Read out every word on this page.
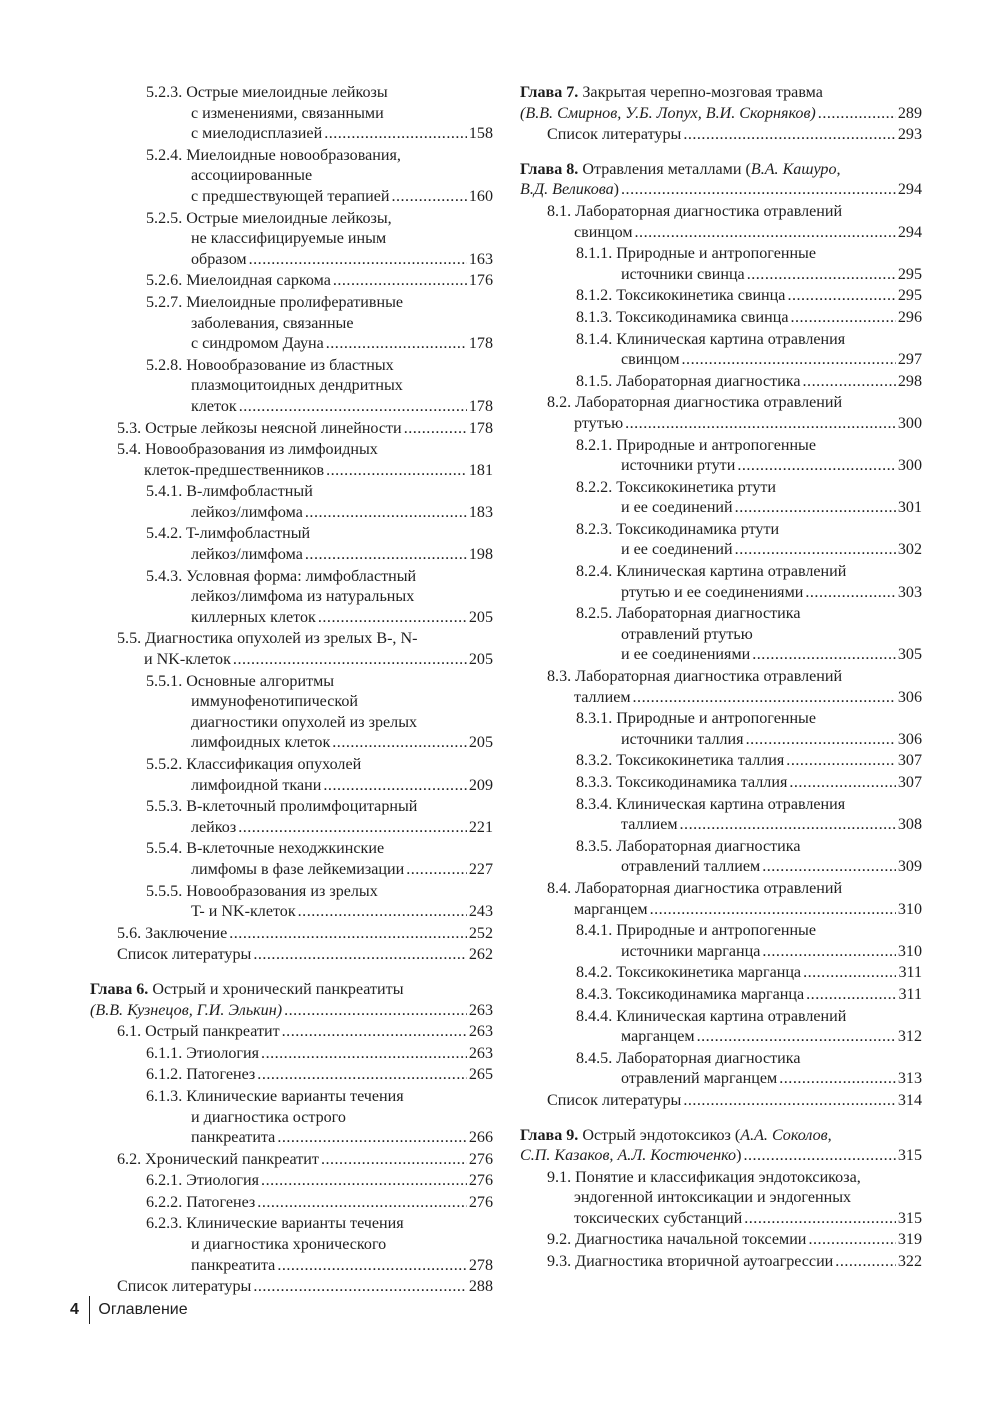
5.2.3. Острые миелоидные лейкозы
с изменениями, связанными
с миелодисплазией .....	158
5.2.4. Миелоидные новообразования,
ассоциированные
с предшествующей терапией .....	160
5.2.5. Острые миелоидные лейкозы,
не классифицируемые иным
образом .....	163
5.2.6. Миелоидная саркома .....	176
5.2.7. Миелоидные пролиферативные
заболевания, связанные
с синдромом Дауна .....	178
5.2.8. Новообразование из бластных
плазмоцитоидных дендритных
клеток .....	178
5.3. Острые лейкозы неясной линейности .....	178
5.4. Новообразования из лимфоидных
клеток-предшественников .....	181
5.4.1. B-лимфобластный
лейкоз/лимфома .....	183
5.4.2. T-лимфобластный
лейкоз/лимфома .....	198
5.4.3. Условная форма: лимфобластный
лейкоз/лимфома из натуральных
киллерных клеток .....	205
5.5. Диагностика опухолей из зрелых B-, N-
и NK-клеток .....	205
5.5.1. Основные алгоритмы
иммунофенотипической
диагностики опухолей из зрелых
лимфоидных клеток .....	205
5.5.2. Классификация опухолей
лимфоидной ткани .....	209
5.5.3. B-клеточный пролимфоцитарный
лейкоз .....	221
5.5.4. B-клеточные неходжкинские
лимфомы в фазе лейкемизации .....	227
5.5.5. Новообразования из зрелых
T- и NK-клеток .....	243
5.6. Заключение .....	252
Список литературы .....	262
Глава 6. Острый и хронический панкреатиты
(В.В. Кузнецов, Г.И. Элькин) .....	263
6.1. Острый панкреатит .....	263
6.1.1. Этиология .....	263
6.1.2. Патогенез .....	265
6.1.3. Клинические варианты течения
и диагностика острого
панкреатита .....	266
6.2. Хронический панкреатит .....	276
6.2.1. Этиология .....	276
6.2.2. Патогенез .....	276
6.2.3. Клинические варианты течения
и диагностика хронического
панкреатита .....	278
Список литературы .....	288
Глава 7. Закрытая черепно-мозговая травма
(В.В. Смирнов, У.Б. Лопух, В.И. Скорняков) .....	289
Список литературы .....	293
Глава 8. Отравления металлами (В.А. Кашуро,
В.Д. Великова) .....	294
8.1. Лабораторная диагностика отравлений
свинцом .....	294
8.1.1. Природные и антропогенные
источники свинца .....	295
8.1.2. Токсикокинетика свинца .....	295
8.1.3. Токсикодинамика свинца .....	296
8.1.4. Клиническая картина отравления
свинцом .....	297
8.1.5. Лабораторная диагностика .....	298
8.2. Лабораторная диагностика отравлений
ртутью .....	300
8.2.1. Природные и антропогенные
источники ртути .....	300
8.2.2. Токсикокинетика ртути
и ее соединений .....	301
8.2.3. Токсикодинамика ртути
и ее соединений .....	302
8.2.4. Клиническая картина отравлений
ртутью и ее соединениями .....	303
8.2.5. Лабораторная диагностика
отравлений ртутью
и ее соединениями .....	305
8.3. Лабораторная диагностика отравлений
таллием .....	306
8.3.1. Природные и антропогенные
источники таллия .....	306
8.3.2. Токсикокинетика таллия .....	307
8.3.3. Токсикодинамика таллия .....	307
8.3.4. Клиническая картина отравления
таллием .....	308
8.3.5. Лабораторная диагностика
отравлений таллием .....	309
8.4. Лабораторная диагностика отравлений
марганцем .....	310
8.4.1. Природные и антропогенные
источники марганца .....	310
8.4.2. Токсикокинетика марганца .....	311
8.4.3. Токсикодинамика марганца .....	311
8.4.4. Клиническая картина отравлений
марганцем .....	312
8.4.5. Лабораторная диагностика
отравлений марганцем .....	313
Список литературы .....	314
Глава 9. Острый эндотоксикоз (А.А. Соколов,
С.П. Казаков, А.Л. Костюченко) .....	315
9.1. Понятие и классификация эндотоксикоза,
эндогенной интоксикации и эндогенных
токсических субстанций .....	315
9.2. Диагностика начальной токсемии .....	319
9.3. Диагностика вторичной аутоагрессии .....	322
4 Оглавление
